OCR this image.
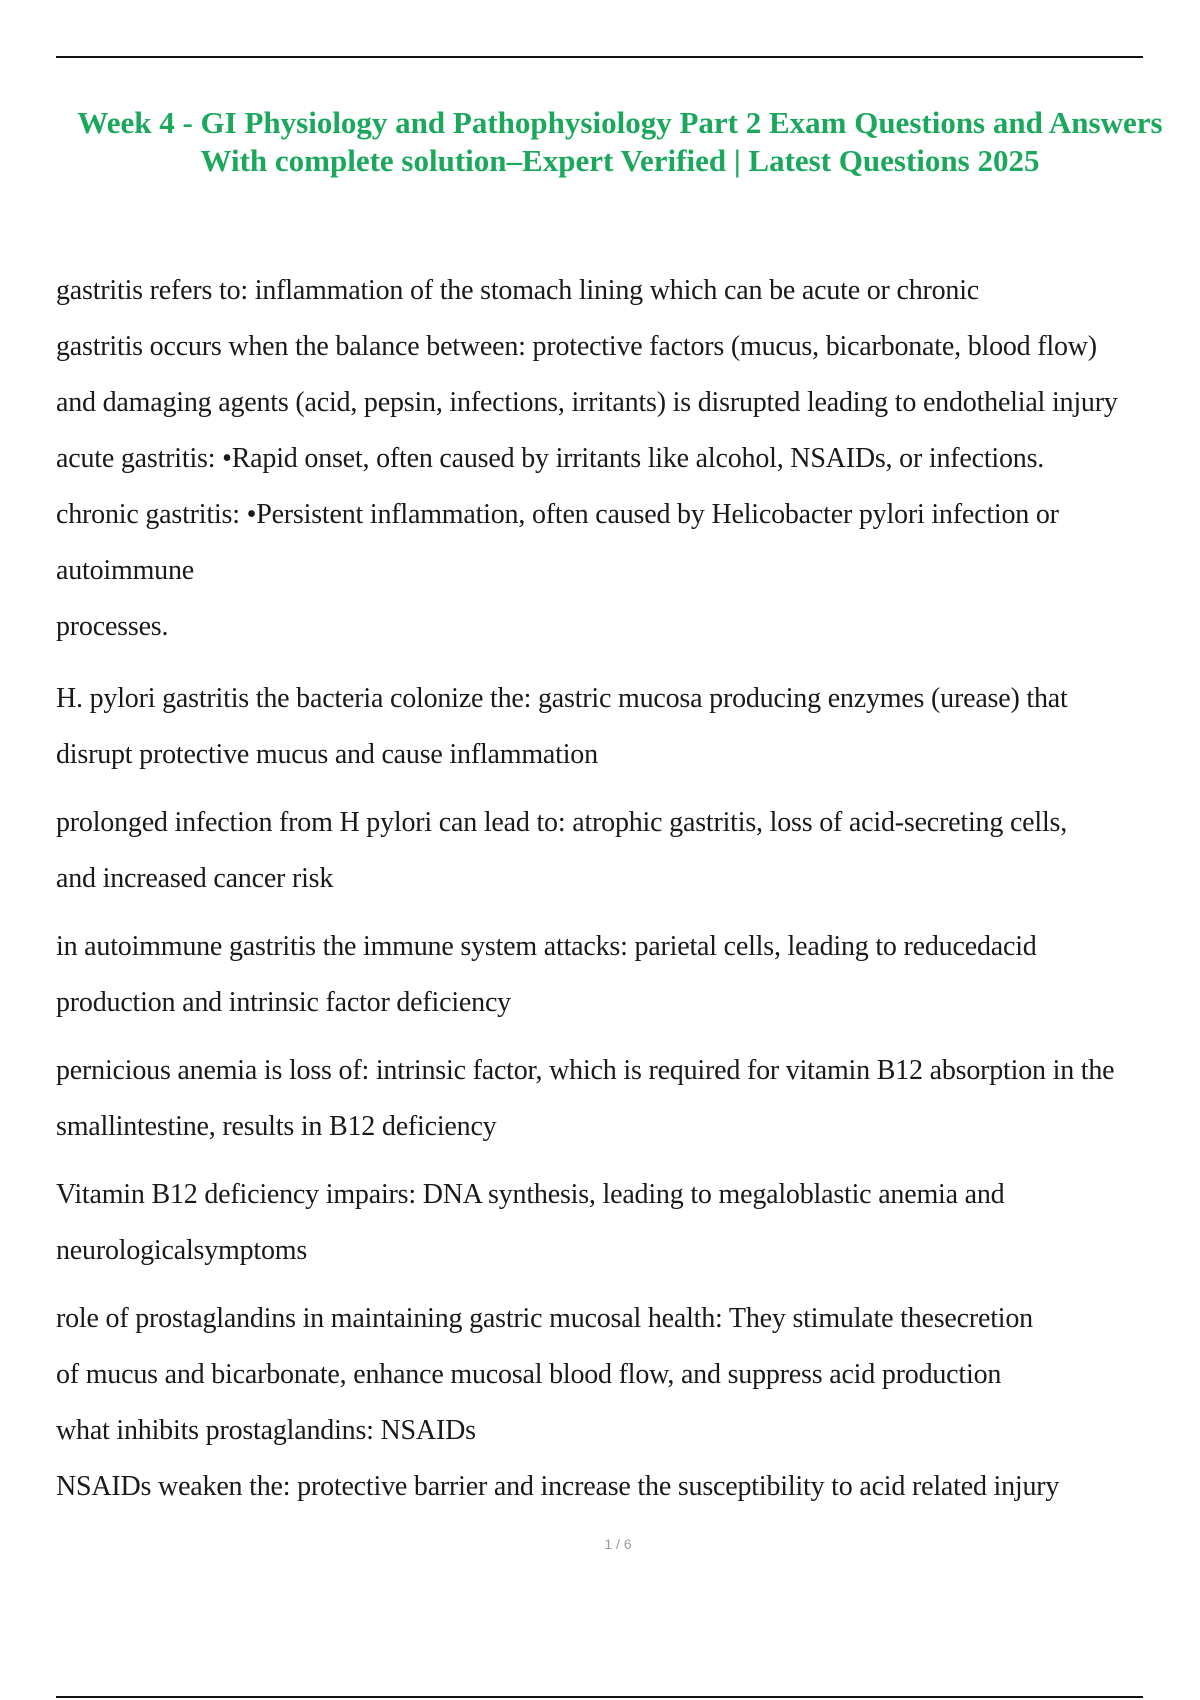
Week 4 - GI Physiology and Pathophysiology Part 2 Exam Questions and Answers
With complete solution–Expert Verified | Latest Questions 2025
gastritis refers to: inflammation of the stomach lining which can be acute or chronic
gastritis occurs when the balance between: protective factors (mucus, bicarbonate, blood flow)
and damaging agents (acid, pepsin, infections, irritants) is disrupted leading to endothelial injury
acute gastritis: •Rapid onset, often caused by irritants like alcohol, NSAIDs, or infections.
chronic gastritis: •Persistent inflammation, often caused by Helicobacter pylori infection or
autoimmune
processes.
H. pylori gastritis the bacteria colonize the: gastric mucosa producing enzymes (urease) that
disrupt protective mucus and cause inflammation
prolonged infection from H pylori can lead to: atrophic gastritis, loss of acid-secreting cells,
and increased cancer risk
in autoimmune gastritis the immune system attacks: parietal cells, leading to reducedacid
production and intrinsic factor deficiency
pernicious anemia is loss of: intrinsic factor, which is required for vitamin B12 absorption in the
smallintestine, results in B12 deficiency
Vitamin B12 deficiency impairs: DNA synthesis, leading to megaloblastic anemia and
neurologicalsymptoms
role of prostaglandins in maintaining gastric mucosal health: They stimulate thesecretion
of mucus and bicarbonate, enhance mucosal blood flow, and suppress acid production
what inhibits prostaglandins: NSAIDs
NSAIDs weaken the: protective barrier and increase the susceptibility to acid related injury
1 / 6
